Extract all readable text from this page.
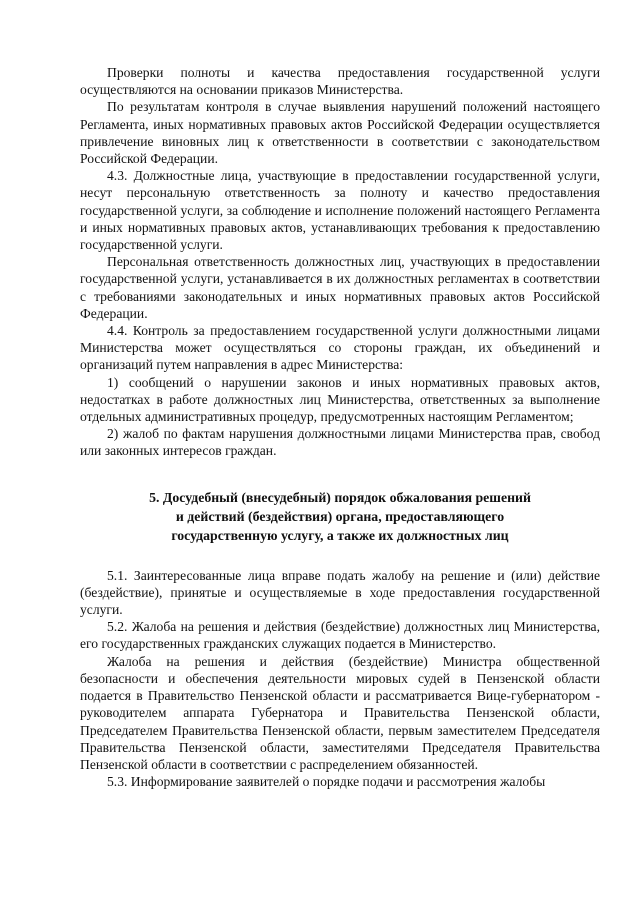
Проверки полноты и качества предоставления государственной услуги осуществляются на основании приказов Министерства.

По результатам контроля в случае выявления нарушений положений настоящего Регламента, иных нормативных правовых актов Российской Федерации осуществляется привлечение виновных лиц к ответственности в соответствии с законодательством Российской Федерации.

4.3. Должностные лица, участвующие в предоставлении государственной услуги, несут персональную ответственность за полноту и качество предоставления государственной услуги, за соблюдение и исполнение положений настоящего Регламента и иных нормативных правовых актов, устанавливающих требования к предоставлению государственной услуги.

Персональная ответственность должностных лиц, участвующих в предоставлении государственной услуги, устанавливается в их должностных регламентах в соответствии с требованиями законодательных и иных нормативных правовых актов Российской Федерации.

4.4. Контроль за предоставлением государственной услуги должностными лицами Министерства может осуществляться со стороны граждан, их объединений и организаций путем направления в адрес Министерства:

1) сообщений о нарушении законов и иных нормативных правовых актов, недостатках в работе должностных лиц Министерства, ответственных за выполнение отдельных административных процедур, предусмотренных настоящим Регламентом;

2) жалоб по фактам нарушения должностными лицами Министерства прав, свобод или законных интересов граждан.

5. Досудебный (внесудебный) порядок обжалования решений
и действий (бездействия) органа, предоставляющего
государственную услугу, а также их должностных лиц

5.1. Заинтересованные лица вправе подать жалобу на решение и (или) действие (бездействие), принятые и осуществляемые в ходе предоставления государственной услуги.

5.2. Жалоба на решения и действия (бездействие) должностных лиц Министерства, его государственных гражданских служащих подается в Министерство.

Жалоба на решения и действия (бездействие) Министра общественной безопасности и обеспечения деятельности мировых судей в Пензенской области подается в Правительство Пензенской области и рассматривается Вице-губернатором - руководителем аппарата Губернатора и Правительства Пензенской области, Председателем Правительства Пензенской области, первым заместителем Председателя Правительства Пензенской области, заместителями Председателя Правительства Пензенской области в соответствии с распределением обязанностей.

5.3. Информирование заявителей о порядке подачи и рассмотрения жалобы
